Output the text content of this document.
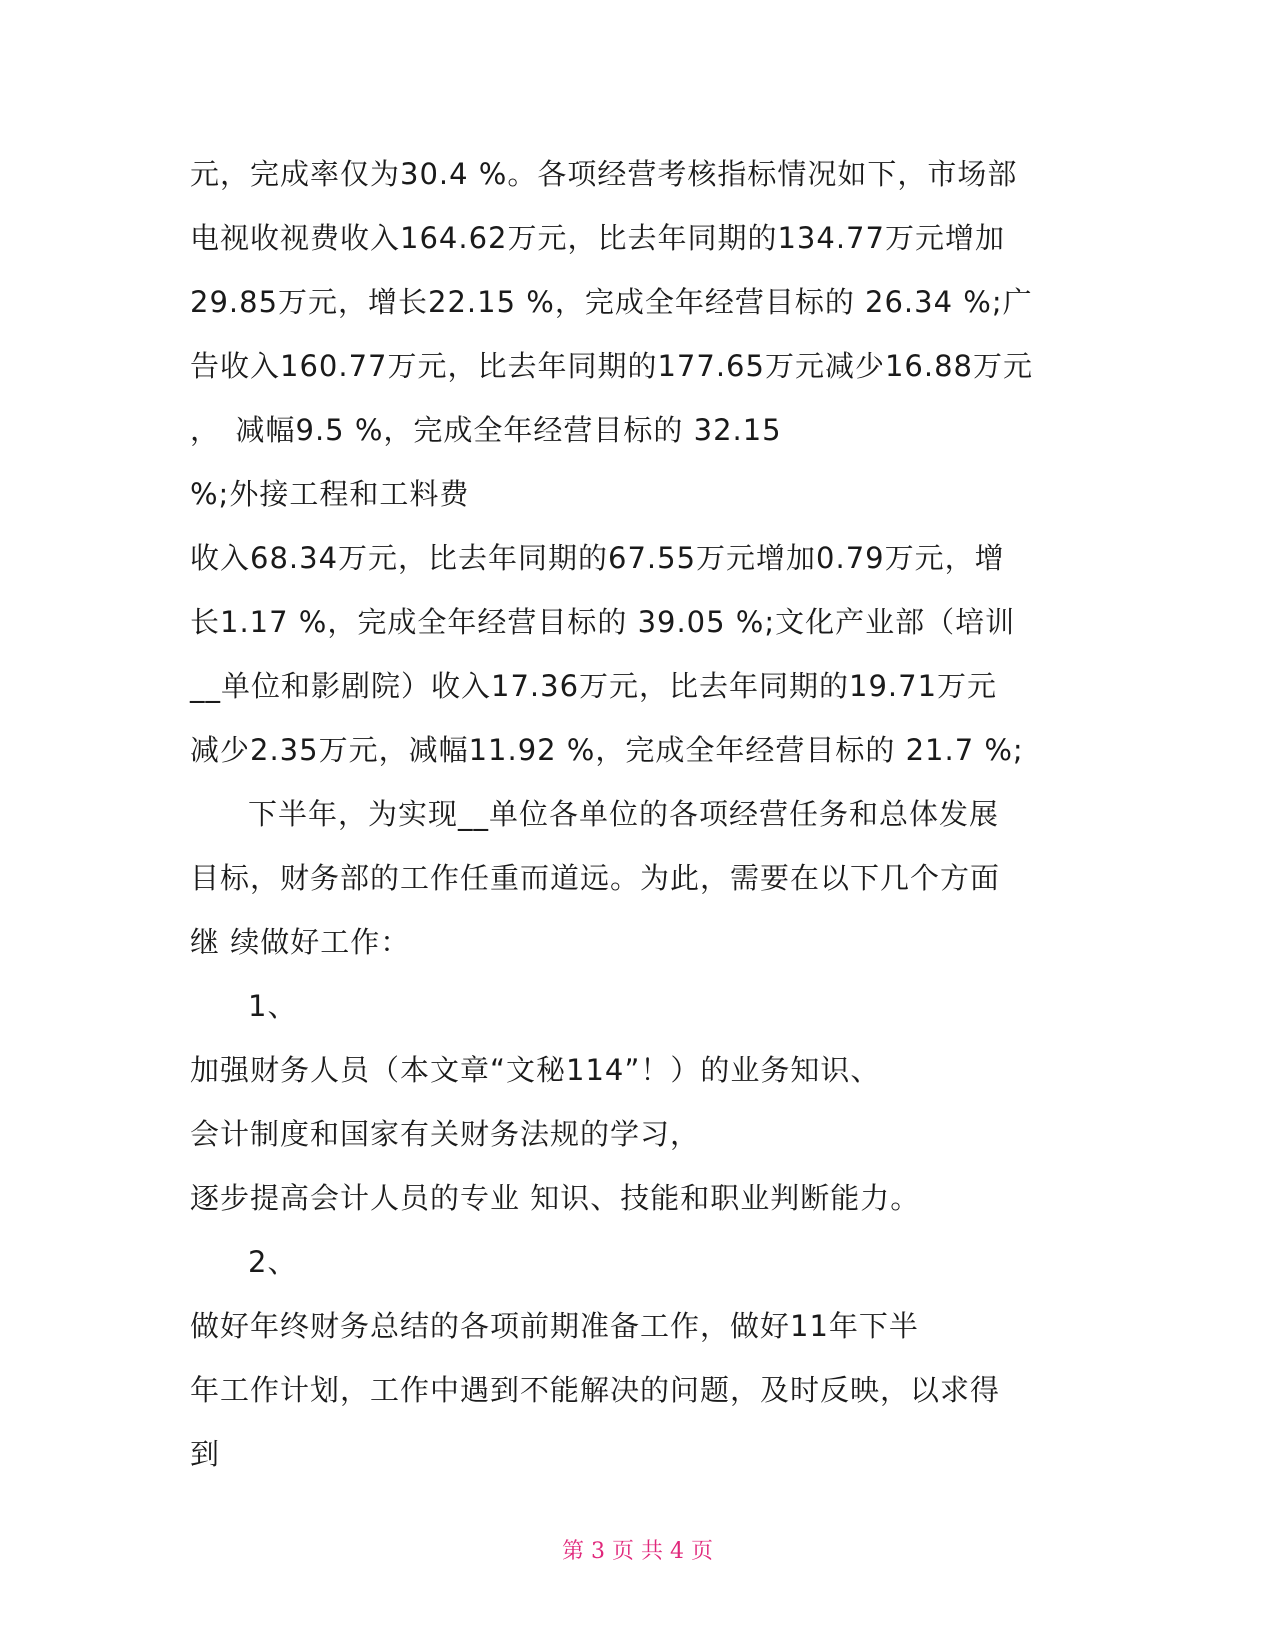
元，完成率仅为30.4 %。各项经营考核指标情况如下，市场部
电视收视费收入164.62万元，比去年同期的134.77万元增加
29.85万元，增长22.15 %，完成全年经营目标的 26.34 %;广
告收入160.77万元，比去年同期的177.65万元减少16.88万元
，　减幅9.5 %，完成全年经营目标的 32.15
%;外接工程和工料费
收入68.34万元，比去年同期的67.55万元增加0.79万元，增
长1.17 %，完成全年经营目标的 39.05 %;文化产业部（培训
__单位和影剧院）收入17.36万元，比去年同期的19.71万元
减少2.35万元，减幅11.92 %，完成全年经营目标的 21.7 %;
下半年，为实现__单位各单位的各项经营任务和总体发展
目标，财务部的工作任重而道远。为此，需要在以下几个方面
继 续做好工作：
1、
加强财务人员（本文章“文秘114”！）的业务知识、
会计制度和国家有关财务法规的学习，
逐步提高会计人员的专业 知识、技能和职业判断能力。
2、
做好年终财务总结的各项前期准备工作，做好11年下半
年工作计划，工作中遇到不能解决的问题，及时反映，以求得
到
第 3 页 共 4 页
